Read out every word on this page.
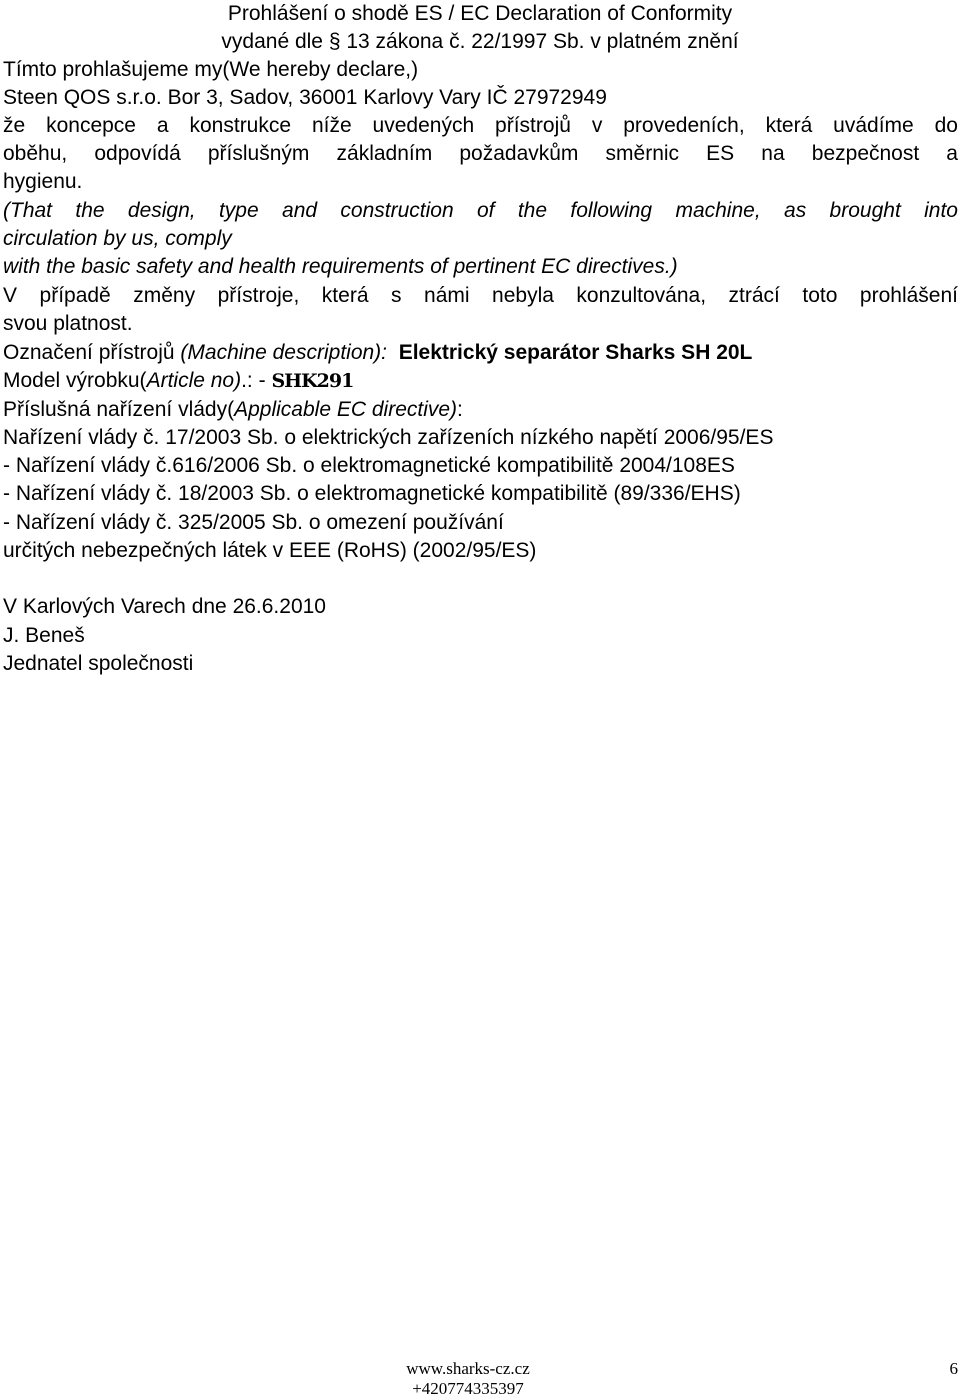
Prohlášení o shodě ES / EC Declaration of Conformity
vydané dle § 13 zákona č. 22/1997 Sb. v platném znění
Tímto prohlašujeme my(We hereby declare,)
Steen QOS s.r.o. Bor 3, Sadov, 36001 Karlovy Vary IČ 27972949
že koncepce a konstrukce níže uvedených přístrojů v provedeních, která uvádíme do
oběhu, odpovídá příslušným základním požadavkům směrnic ES na bezpečnost a
hygienu.
(That the design, type and construction of the following machine, as brought into
circulation by us, comply
with the basic safety and health requirements of pertinent EC directives.)
V případě změny přístroje, která s námi nebyla konzultována, ztrácí toto prohlášení
svou platnost.
Označení přístrojů (Machine description): Elektrický separátor Sharks SH 20L
Model výrobku(Article no).: - SHK291
Příslušná nařízení vlády(Applicable EC directive):
Nařízení vlády č. 17/2003 Sb. o elektrických zařízeních nízkého napětí 2006/95/ES
- Nařízení vlády č.616/2006 Sb. o elektromagnetické kompatibilitě 2004/108ES
- Nařízení vlády č. 18/2003 Sb. o elektromagnetické kompatibilitě (89/336/EHS)
- Nařízení vlády č. 325/2005 Sb. o omezení používání
určitých nebezpečných látek v EEE (RoHS) (2002/95/ES)
V Karlových Varech dne 26.6.2010
J. Beneš
Jednatel společnosti
www.sharks-cz.cz
+420774335397
6
